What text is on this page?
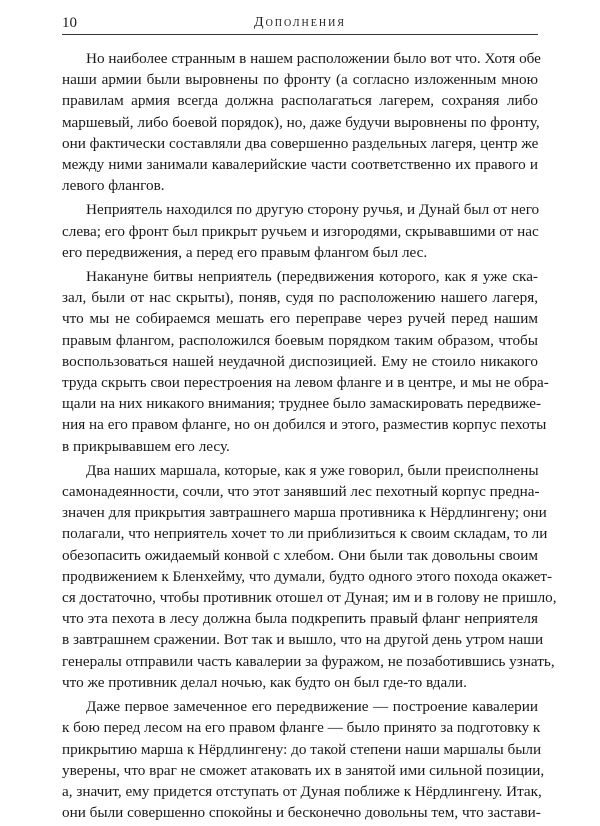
10	Дополнения
Но наиболее странным в нашем расположении было вот что. Хотя обе
наши армии были выровнены по фронту (а согласно изложенным мною
правилам армия всегда должна располагаться лагерем, сохраняя либо
маршевый, либо боевой порядок), но, даже будучи выровнены по фронту,
они фактически составляли два совершенно раздельных лагеря, центр же
между ними занимали кавалерийские части соответственно их правого и
левого флангов.
Неприятель находился по другую сторону ручья, и Дунай был от него
слева; его фронт был прикрыт ручьем и изгородями, скрывавшими от нас
его передвижения, а перед его правым флангом был лес.
Накануне битвы неприятель (передвижения которого, как я уже ска-
зал, были от нас скрыты), поняв, судя по расположению нашего лагеря,
что мы не собираемся мешать его переправе через ручей перед нашим
правым флангом, расположился боевым порядком таким образом, чтобы
воспользоваться нашей неудачной диспозицией. Ему не стоило никакого
труда скрыть свои перестроения на левом фланге и в центре, и мы не обра-
щали на них никакого внимания; труднее было замаскировать передвиже-
ния на его правом фланге, но он добился и этого, разместив корпус пехоты
в прикрывавшем его лесу.
Два наших маршала, которые, как я уже говорил, были преисполнены
самонадеянности, сочли, что этот занявший лес пехотный корпус предна-
значен для прикрытия завтрашнего марша противника к Нёрдлингену; они
полагали, что неприятель хочет то ли приблизиться к своим складам, то ли
обезопасить ожидаемый конвой с хлебом. Они были так довольны своим
продвижением к Бленхейму, что думали, будто одного этого похода окажет-
ся достаточно, чтобы противник отошел от Дуная; им и в голову не пришло,
что эта пехота в лесу должна была подкрепить правый фланг неприятеля
в завтрашнем сражении. Вот так и вышло, что на другой день утром наши
генералы отправили часть кавалерии за фуражом, не позаботившись узнать,
что же противник делал ночью, как будто он был где-то вдали.
Даже первое замеченное его передвижение — построение кавалерии
к бою перед лесом на его правом фланге — было принято за подготовку к
прикрытию марша к Нёрдлингену: до такой степени наши маршалы были
уверены, что враг не сможет атаковать их в занятой ими сильной позиции,
а, значит, ему придется отступать от Дуная поближе к Нёрдлингену. Итак,
они были совершенно спокойны и бесконечно довольны тем, что застави-
